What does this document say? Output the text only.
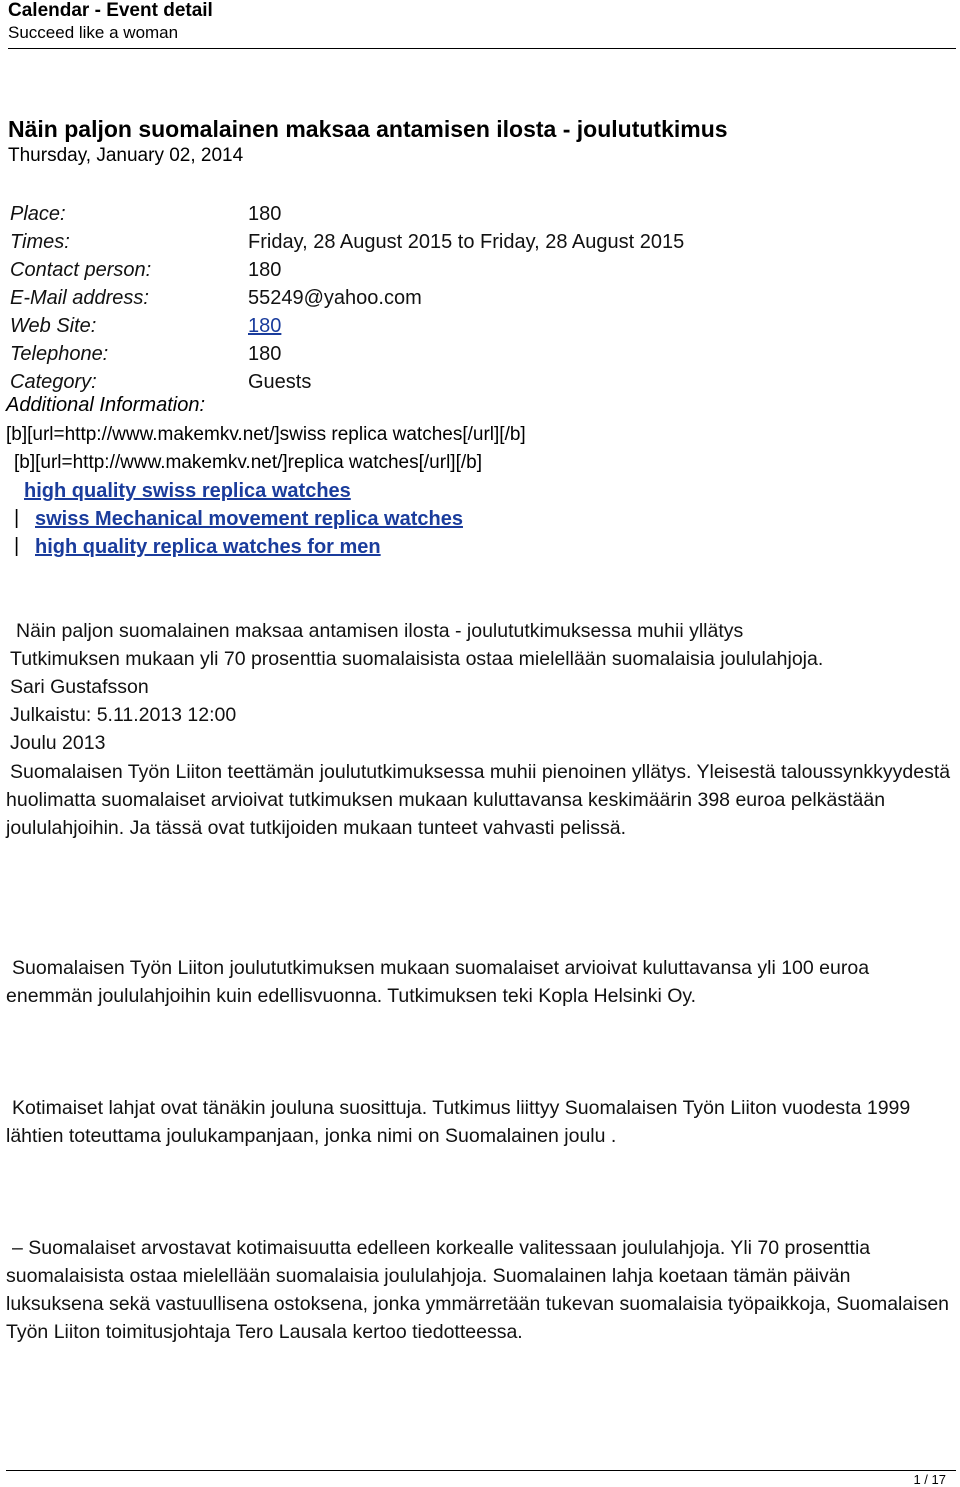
Calendar - Event detail
Succeed like a woman
Näin paljon suomalainen maksaa antamisen ilosta - joulututkimus
Thursday, January 02, 2014
Place:	180
Times:	Friday, 28 August 2015 to Friday, 28 August 2015
Contact person:	180
E-Mail address:	55249@yahoo.com
Web Site:	180
Telephone:	180
Category:	Guests
Additional Information:
[b][url=http://www.makemkv.net/]swiss replica watches[/url][/b]
[b][url=http://www.makemkv.net/]replica watches[/url][/b]
high quality swiss replica watches
| swiss Mechanical movement replica watches
| high quality replica watches for men
Näin paljon suomalainen maksaa antamisen ilosta - joulututkimuksessa muhii yllätys
Tutkimuksen mukaan yli 70 prosenttia suomalaisista ostaa mielellään suomalaisia joululahjoja.
Sari Gustafsson
Julkaistu: 5.11.2013 12:00
Joulu 2013
Suomalaisen Työn Liiton teettämän joulututkimuksessa muhii pienoinen yllätys. Yleisestä taloussynkkyydestä huolimatta suomalaiset arvioivat tutkimuksen mukaan kuluttavansa keskimäärin 398 euroa pelkästään joululahjoihin. Ja tässä ovat tutkijoiden mukaan tunteet vahvasti pelissä.
Suomalaisen Työn Liiton joulututkimuksen mukaan suomalaiset arvioivat kuluttavansa yli 100 euroa enemmän joululahjoihin kuin edellisvuonna. Tutkimuksen teki Kopla Helsinki Oy.
Kotimaiset lahjat ovat tänäkin jouluna suosittuja. Tutkimus liittyy Suomalaisen Työn Liiton vuodesta 1999 lähtien toteuttama joulukampanjaan, jonka nimi on Suomalainen joulu .
– Suomalaiset arvostavat kotimaisuutta edelleen korkealle valitessaan joululahjoja. Yli 70 prosenttia suomalaisista ostaa mielellään suomalaisia joululahjoja. Suomalainen lahja koetaan tämän päivän luksuksena sekä vastuullisena ostoksena, jonka ymmärretään tukevan suomalaisia työpaikkoja, Suomalaisen Työn Liiton toimitusjohtaja Tero Lausala kertoo tiedotteessa.
1 / 17
